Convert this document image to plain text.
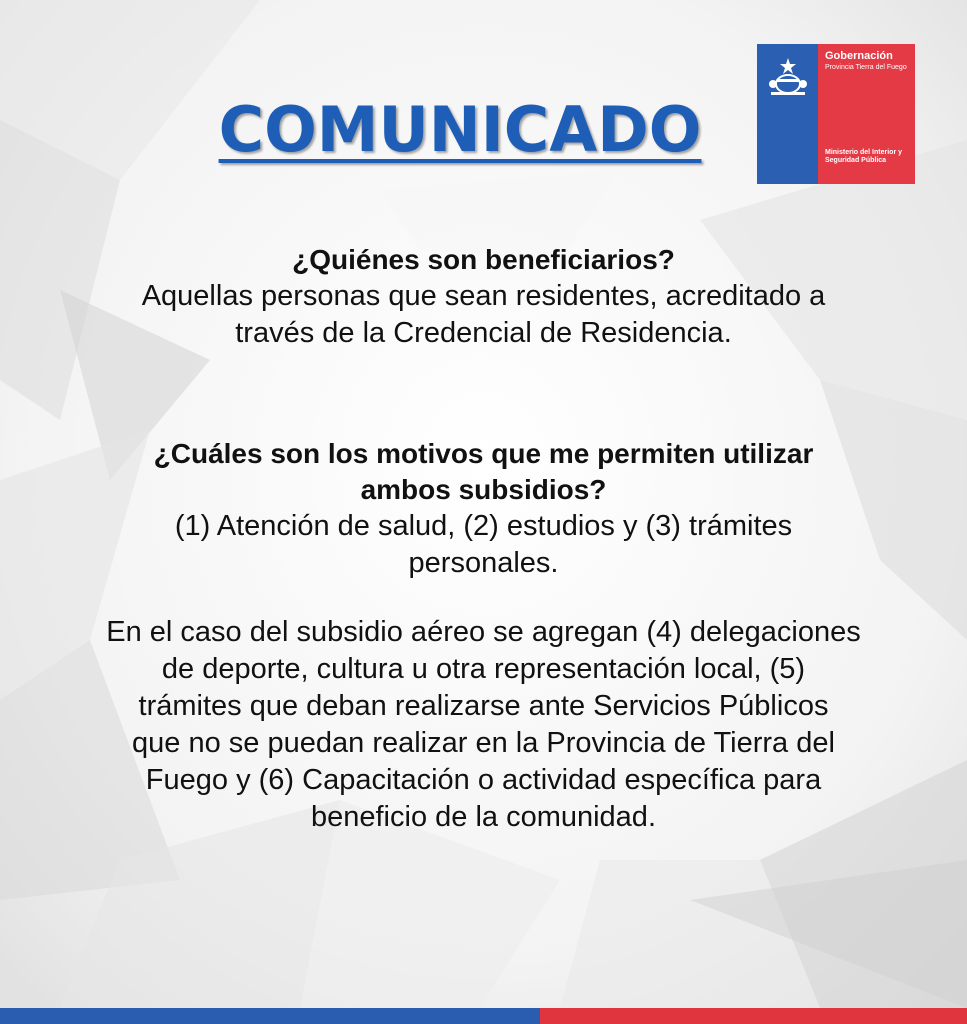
COMUNICADO
Gobernación
Provincia Tierra del Fuego
Ministerio del Interior y Seguridad Pública

¿Quiénes son beneficiarios?

Aquellas personas que sean residentes, acreditado a

través de la Credencial de Residencia.

¿Cuáles son los motivos que me permiten utilizar

ambos subsidios?

(1) Atención de salud, (2) estudios y (3) trámites

personales.

En el caso del subsidio aéreo se agregan (4) delegaciones

de deporte, cultura u otra representación local, (5)

trámites que deban realizarse ante Servicios Públicos

que no se puedan realizar en la Provincia de Tierra del

Fuego y (6) Capacitación o actividad específica para

beneficio de la comunidad.
